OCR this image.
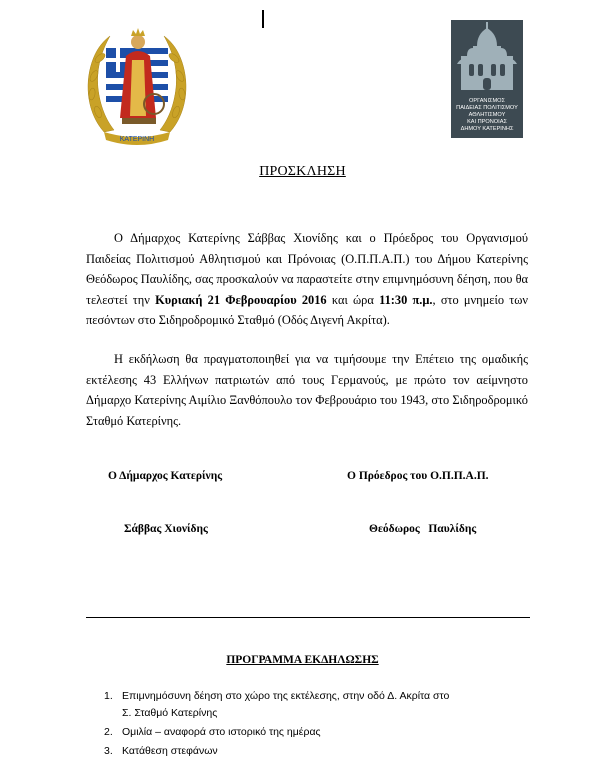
ΚΑΤΕΡΙΝΗ
ΟΡΓΑΝΙΣΜΟΣ
ΠΑΙΔΕΙΑΣ ΠΟΛΙΤΙΣΜΟΥ
ΑΘΛΗΤΙΣΜΟΥ
ΚΑΙ ΠΡΟΝΟΙΑΣ
ΔΗΜΟΥ ΚΑΤΕΡΙΝΗΣ
ΠΡΟΣΚΛΗΣΗ
Ο Δήμαρχος Κατερίνης Σάββας Χιονίδης και ο Πρόεδρος του Οργανισμού Παιδείας Πολιτισμού Αθλητισμού και Πρόνοιας (Ο.Π.Π.Α.Π.) του Δήμου Κατερίνης Θεόδωρος Παυλίδης, σας προσκαλούν να παραστείτε στην επιμνημόσυνη δέηση, που θα τελεστεί την Κυριακή 21 Φεβρουαρίου 2016 και ώρα 11:30 π.μ., στο μνημείο των πεσόντων στο Σιδηροδρομικό Σταθμό (Οδός Διγενή Ακρίτα).
Η εκδήλωση θα πραγματοποιηθεί για να τιμήσουμε την Επέτειο της ομαδικής εκτέλεσης 43 Ελλήνων πατριωτών από τους Γερμανούς, με πρώτο τον αείμνηστο Δήμαρχο Κατερίνης Αιμίλιο Ξανθόπουλο τον Φεβρουάριο του 1943, στο Σιδηροδρομικό Σταθμό Κατερίνης.
Ο Δήμαρχος Κατερίνης	Ο Πρόεδρος του Ο.Π.Π.Α.Π.
Σάββας Χιονίδης	Θεόδωρος   Παυλίδης
ΠΡΟΓΡΑΜΜΑ ΕΚΔΗΛΩΣΗΣ
1. Επιμνημόσυνη δέηση στο χώρο της εκτέλεσης, στην οδό Δ. Ακρίτα στο Σ. Σταθμό Κατερίνης
2. Ομιλία – αναφορά στο ιστορικό της ημέρας
3. Κατάθεση στεφάνων
